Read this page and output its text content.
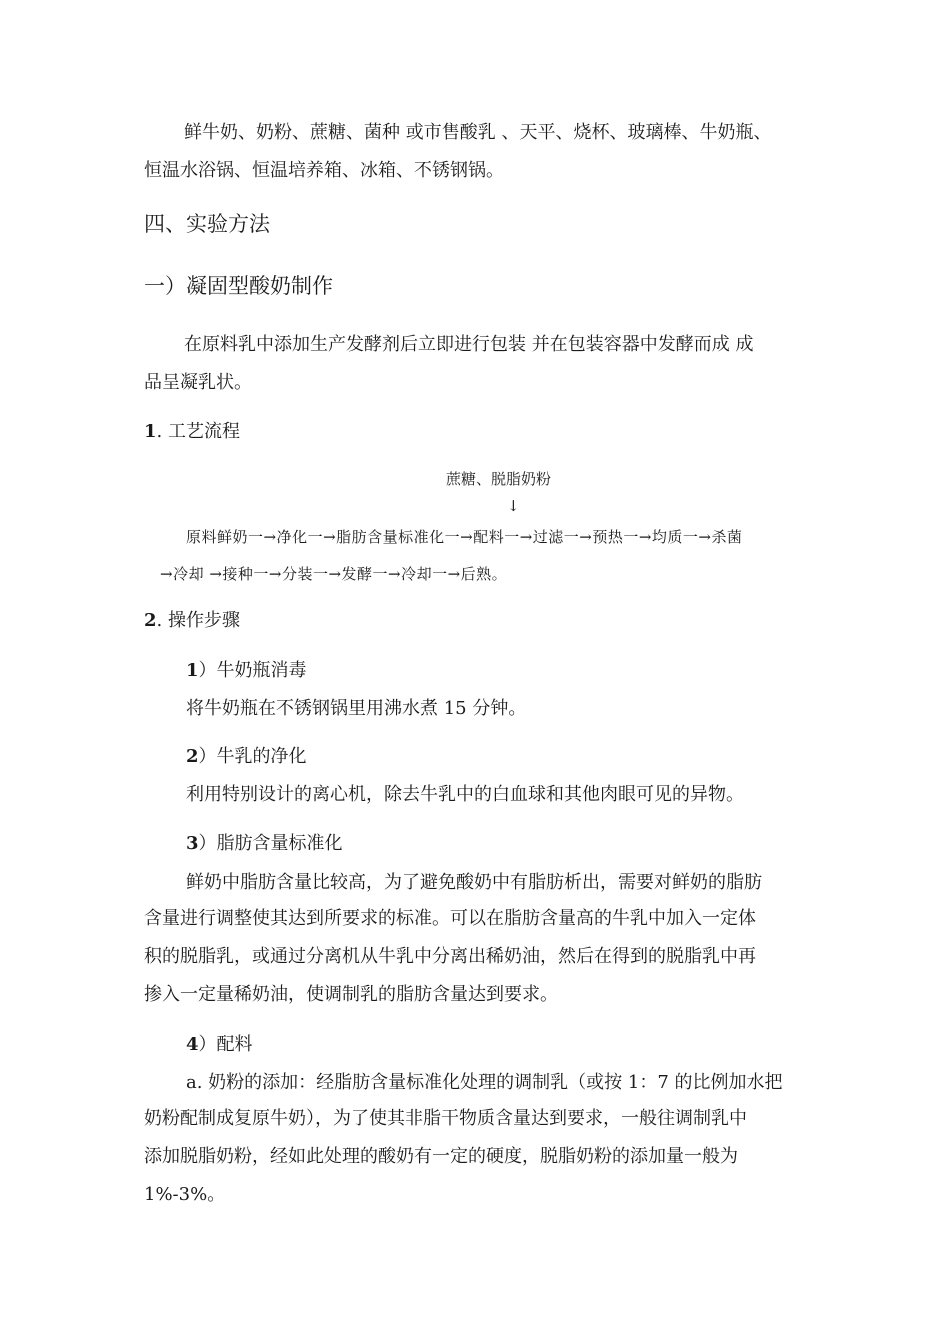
鲜牛奶、奶粉、蔗糖、菌种 或市售酸乳 、天平、烧杯、玻璃棒、牛奶瓶、
恒温水浴锅、恒温培养箱、冰箱、不锈钢锅。
四、实验方法
一）凝固型酸奶制作
在原料乳中添加生产发酵剂后立即进行包装 并在包装容器中发酵而成 成
品呈凝乳状。
1. 工艺流程
蔗糖、脱脂奶粉
↓
原料鲜奶一→净化一→脂肪含量标准化一→配料一→过滤一→预热一→均质一→杀菌
→冷却 →接种一→分装一→发酵一→冷却一→后熟。
2. 操作步骤
1）牛奶瓶消毒
将牛奶瓶在不锈钢锅里用沸水煮 15 分钟。
2）牛乳的净化
利用特别设计的离心机，除去牛乳中的白血球和其他肉眼可见的异物。
3）脂肪含量标准化
鲜奶中脂肪含量比较高，为了避免酸奶中有脂肪析出，需要对鲜奶的脂肪
含量进行调整使其达到所要求的标准。可以在脂肪含量高的牛乳中加入一定体
积的脱脂乳，或通过分离机从牛乳中分离出稀奶油，然后在得到的脱脂乳中再
掺入一定量稀奶油，使调制乳的脂肪含量达到要求。
4）配料
a. 奶粉的添加：经脂肪含量标准化处理的调制乳（或按 1：7 的比例加水把
奶粉配制成复原牛奶），为了使其非脂干物质含量达到要求，一般往调制乳中
添加脱脂奶粉，经如此处理的酸奶有一定的硬度，脱脂奶粉的添加量一般为
1%-3%。
